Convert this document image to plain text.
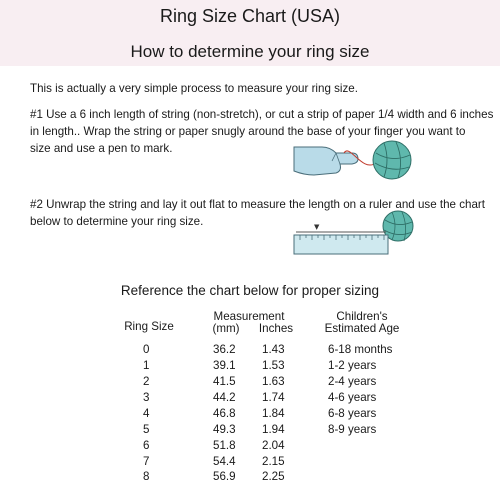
Ring Size Chart (USA)
How to determine your ring size
This is actually a very simple process to measure your ring size.
#1 Use a 6 inch length of string (non-stretch), or cut a strip of paper 1/4 width and 6 inches
in length.. Wrap the string or paper snugly around the base of your finger you want to
size and use a pen to mark.
#2 Unwrap the string and lay it out flat to measure the length on a ruler and use the chart
below to determine your ring size.	▼
Reference the chart below for proper sizing
Ring Size
Measurement
(mm)	Inches
Children's
Estimated Age
0	36.2 1.43	6-18 months
1	39.1 1.53	1-2 years
2	41.5 1.63	2-4 years
3	44.2 1.74	4-6 years
4	46.8 1.84	6-8 years
5	49.3 1.94	8-9 years
6	51.8 2.04
7	54.4 2.15
8	56.9 2.25
